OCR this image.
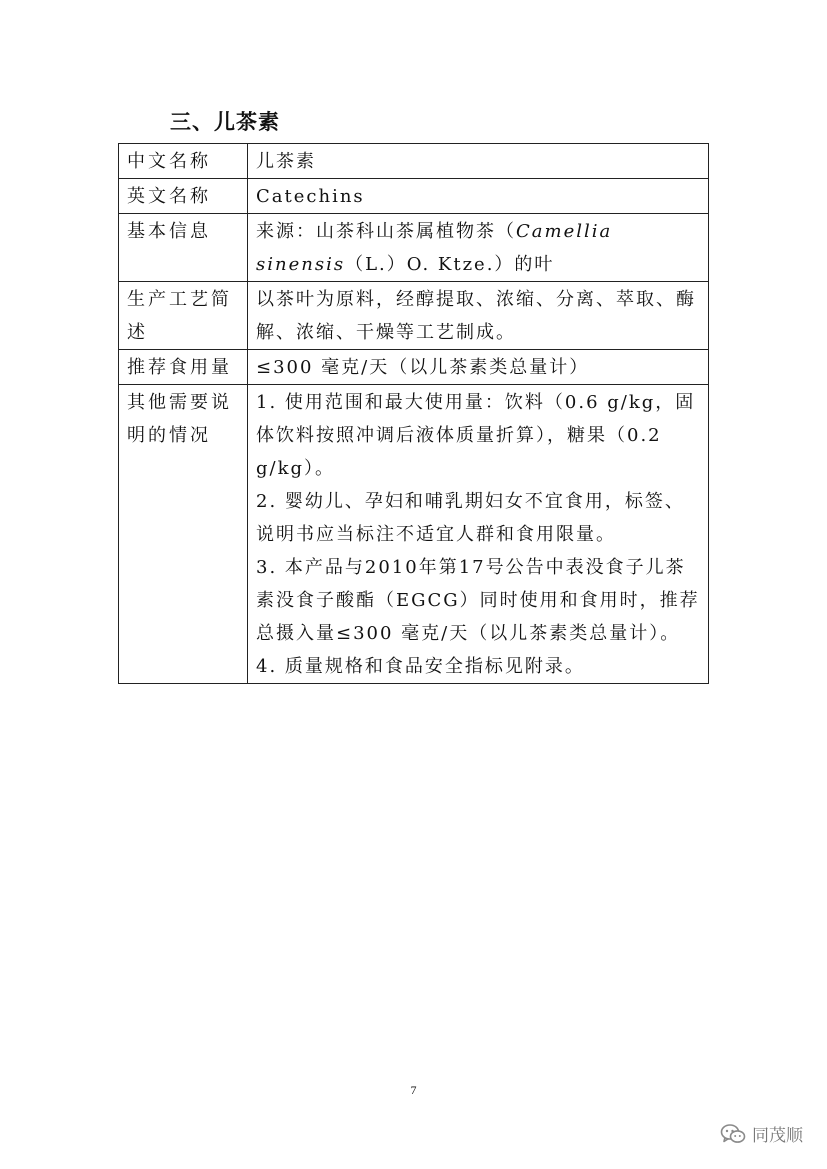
三、儿茶素
中文名称	儿茶素
英文名称	Catechins
基本信息	来源：山茶科山茶属植物茶（Camellia sinensis（L.）O. Ktze.）的叶
生产工艺简述	以茶叶为原料，经醇提取、浓缩、分离、萃取、酶解、浓缩、干燥等工艺制成。
推荐食用量	≤300 毫克/天（以儿茶素类总量计）
其他需要说明的情况	1. 使用范围和最大使用量：饮料（0.6 g/kg，固体饮料按照冲调后液体质量折算），糖果（0.2 g/kg）。
2. 婴幼儿、孕妇和哺乳期妇女不宜食用，标签、说明书应当标注不适宜人群和食用限量。
3. 本产品与2010年第17号公告中表没食子儿茶素没食子酸酯（EGCG）同时使用和食用时，推荐总摄入量≤300 毫克/天（以儿茶素类总量计）。
4. 质量规格和食品安全指标见附录。
7
同茂顺
